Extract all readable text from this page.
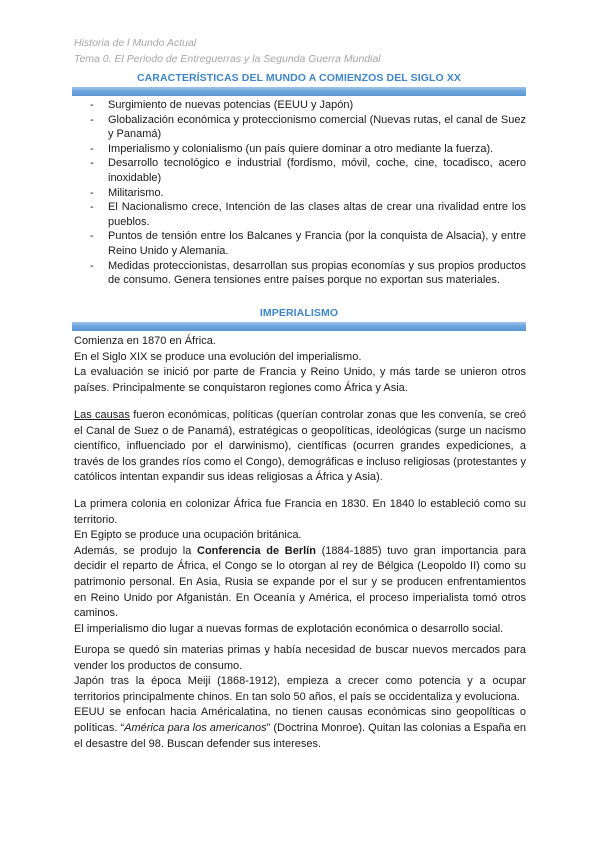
Historia de l Mundo Actual
Tema 0. El Periodo de Entreguerras y la Segunda Guerra Mundial
CARACTERÍSTICAS DEL MUNDO A COMIENZOS DEL SIGLO XX
- Surgimiento de nuevas potencias (EEUU y Japón)
- Globalización económica y proteccionismo comercial (Nuevas rutas, el canal de Suez y Panamá)
- Imperialismo y colonialismo (un país quiere dominar a otro mediante la fuerza).
- Desarrollo tecnológico e industrial (fordismo, móvil, coche, cine, tocadisco, acero inoxidable)
- Militarismo.
- El Nacionalismo crece, Intención de las clases altas de crear una rivalidad entre los pueblos.
- Puntos de tensión entre los Balcanes y Francia (por la conquista de Alsacia), y entre Reino Unido y Alemania.
- Medidas proteccionistas, desarrollan sus propias economías y sus propios productos de consumo. Genera tensiones entre países porque no exportan sus materiales.
IMPERIALISMO

Comienza en 1870 en África.

En el Siglo XIX se produce una evolución del imperialismo.

La evaluación se inició por parte de Francia y Reino Unido, y más tarde se unieron otros países. Principalmente se conquistaron regiones como África y Asia.

Las causas fueron económicas, políticas (querían controlar zonas que les convenía, se creó el Canal de Suez o de Panamá), estratégicas o geopolíticas, ideológicas (surge un nacismo científico, influenciado por el darwinismo), científicas (ocurren grandes expediciones, a través de los grandes ríos como el Congo), demográficas e incluso religiosas (protestantes y católicos intentan expandir sus ideas religiosas a África y Asia).

La primera colonia en colonizar África fue Francia en 1830. En 1840 lo estableció como su territorio.

En Egipto se produce una ocupación británica.

Además, se produjo la Conferencia de Berlín (1884-1885) tuvo gran importancia para decidir el reparto de África, el Congo se lo otorgan al rey de Bélgica (Leopoldo II) como su patrimonio personal. En Asia, Rusia se expande por el sur y se producen enfrentamientos en Reino Unido por Afganistán. En Oceanía y América, el proceso imperialista tomó otros caminos.

El imperialismo dio lugar a nuevas formas de explotación económica o desarrollo social.

Europa se quedó sin materias primas y había necesidad de buscar nuevos mercados para vender los productos de consumo.

Japón tras la época Meiji (1868-1912), empieza a crecer como potencia y a ocupar territorios principalmente chinos. En tan solo 50 años, el país se occidentaliza y evoluciona.

EEUU se enfocan hacia Américalatina, no tienen causas económicas sino geopolíticas o políticas. “América para los americanos” (Doctrina Monroe). Quitan las colonias a España en el desastre del 98. Buscan defender sus intereses.
